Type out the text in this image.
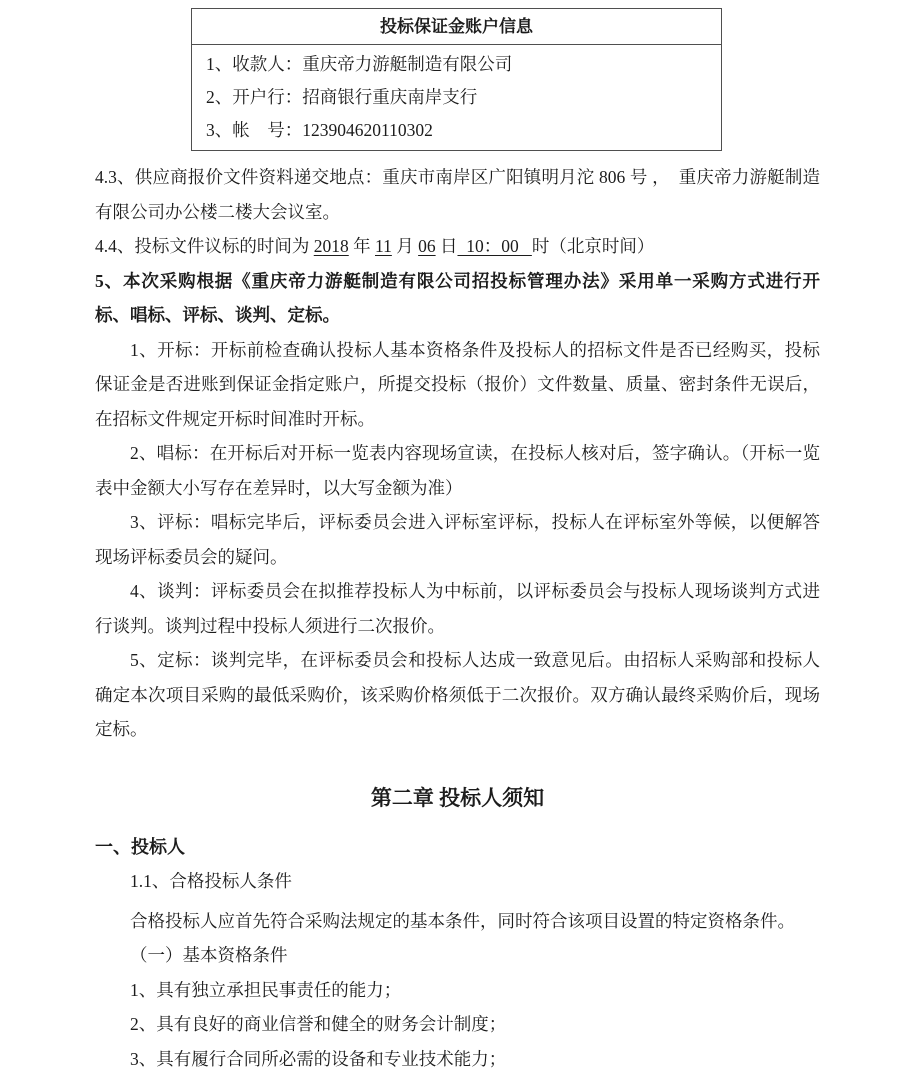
投标保证金账户信息
1、收款人：重庆帝力游艇制造有限公司
2、开户行：招商银行重庆南岸支行
3、帐　号：123904620110302

4.3、供应商报价文件资料递交地点：重庆市南岸区广阳镇明月沱 806 号 ，　重庆帝力游艇制造有限公司办公楼二楼大会议室。

4.4、投标文件议标的时间为 2018 年 11 月 06 日  10：00   时（北京时间）

5、本次采购根据《重庆帝力游艇制造有限公司招投标管理办法》采用单一采购方式进行开标、唱标、评标、谈判、定标。

1、开标：开标前检查确认投标人基本资格条件及投标人的招标文件是否已经购买，投标保证金是否进账到保证金指定账户，所提交投标（报价）文件数量、质量、密封条件无误后，在招标文件规定开标时间准时开标。

2、唱标：在开标后对开标一览表内容现场宣读，在投标人核对后，签字确认。（开标一览表中金额大小写存在差异时，以大写金额为准）

3、评标：唱标完毕后，评标委员会进入评标室评标，投标人在评标室外等候，以便解答现场评标委员会的疑问。

4、谈判：评标委员会在拟推荐投标人为中标前，以评标委员会与投标人现场谈判方式进行谈判。谈判过程中投标人须进行二次报价。

5、定标：谈判完毕，在评标委员会和投标人达成一致意见后。由招标人采购部和投标人确定本次项目采购的最低采购价，该采购价格须低于二次报价。双方确认最终采购价后，现场定标。

第二章 投标人须知
一、投标人

1.1、合格投标人条件

合格投标人应首先符合采购法规定的基本条件，同时符合该项目设置的特定资格条件。

（一）基本资格条件

1、具有独立承担民事责任的能力；

2、具有良好的商业信誉和健全的财务会计制度；

3、具有履行合同所必需的设备和专业技术能力；
